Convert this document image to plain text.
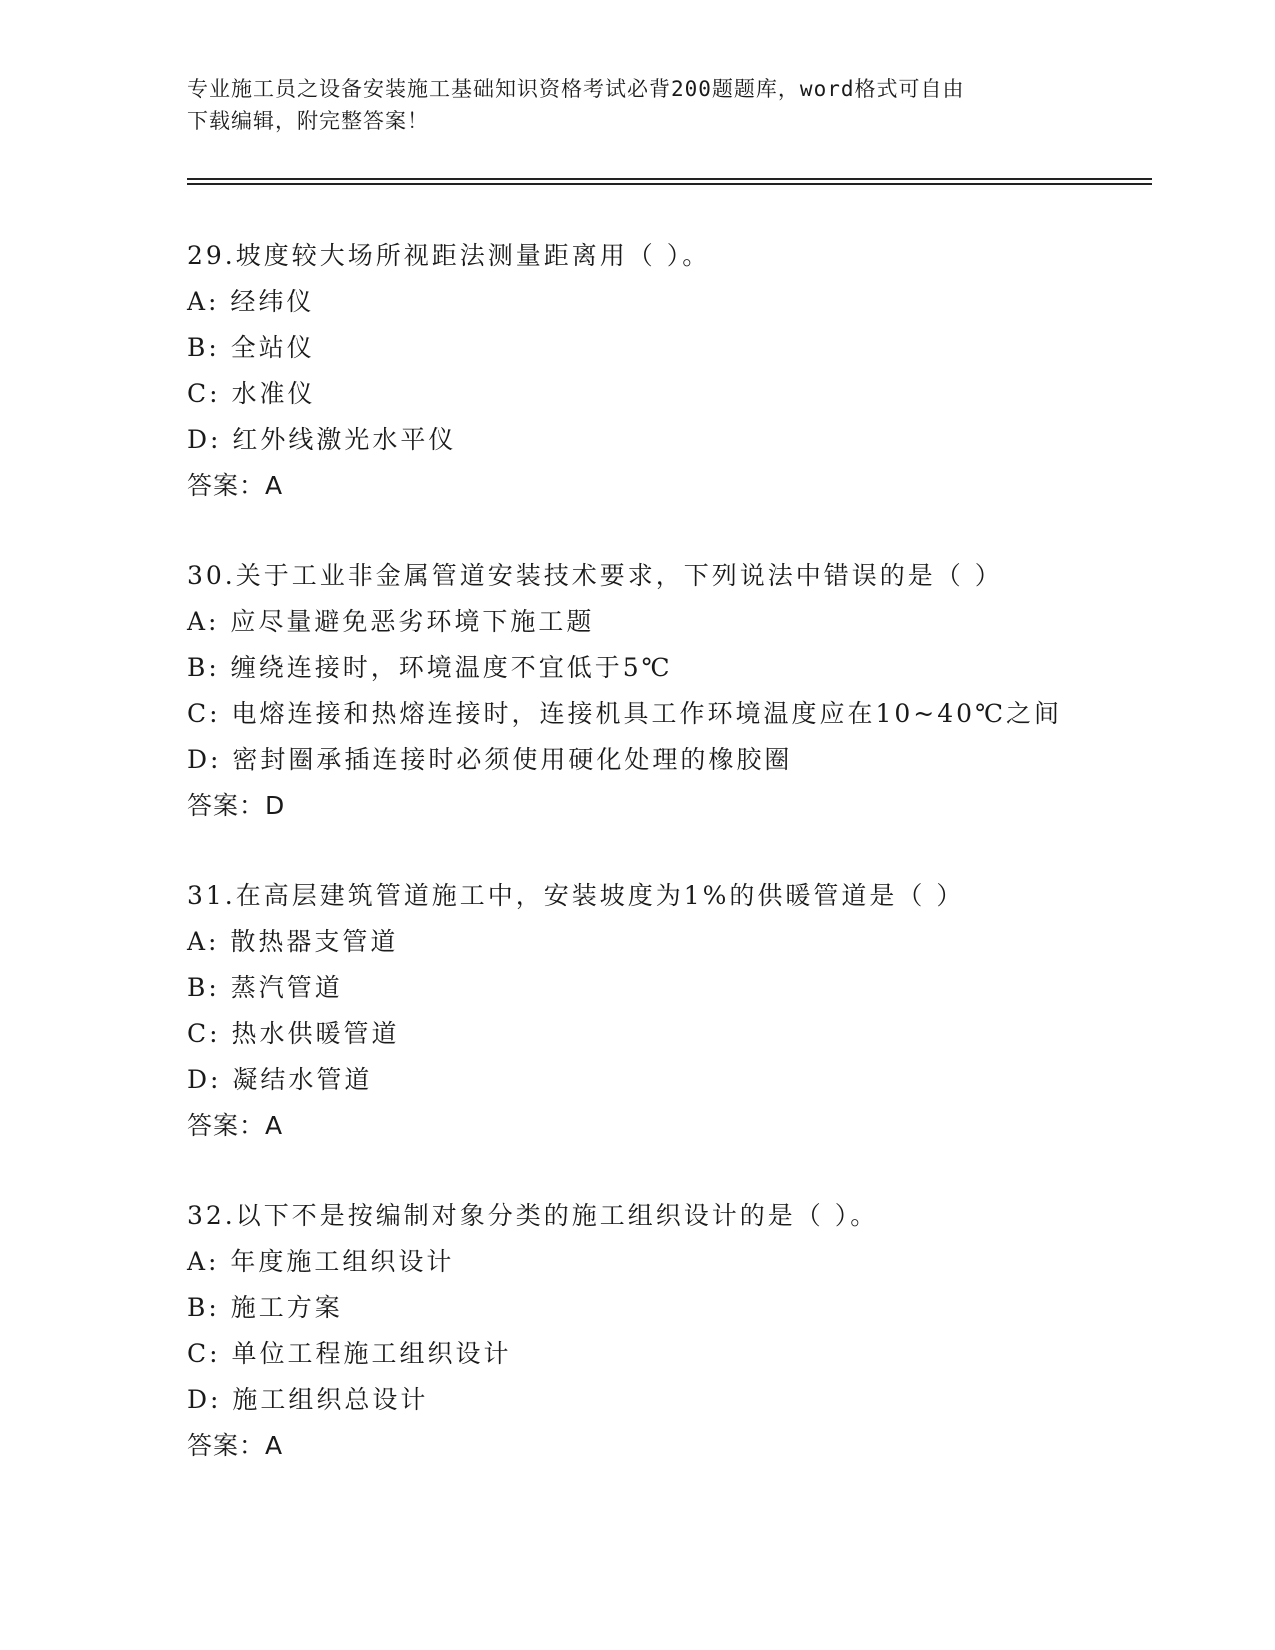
专业施工员之设备安装施工基础知识资格考试必背200题题库，word格式可自由
下载编辑，附完整答案！
29.坡度较大场所视距法测量距离用（ ）。
A: 经纬仪
B: 全站仪
C: 水准仪
D: 红外线激光水平仪
答案：A
30.关于工业非金属管道安装技术要求，下列说法中错误的是（ ）
A: 应尽量避免恶劣环境下施工题
B: 缠绕连接时，环境温度不宜低于5℃
C: 电熔连接和热熔连接时，连接机具工作环境温度应在10~40℃之间
D: 密封圈承插连接时必须使用硬化处理的橡胶圈
答案：D
31.在高层建筑管道施工中，安装坡度为1%的供暖管道是（ ）
A: 散热器支管道
B: 蒸汽管道
C: 热水供暖管道
D: 凝结水管道
答案：A
32.以下不是按编制对象分类的施工组织设计的是（ ）。
A: 年度施工组织设计
B: 施工方案
C: 单位工程施工组织设计
D: 施工组织总设计
答案：A
